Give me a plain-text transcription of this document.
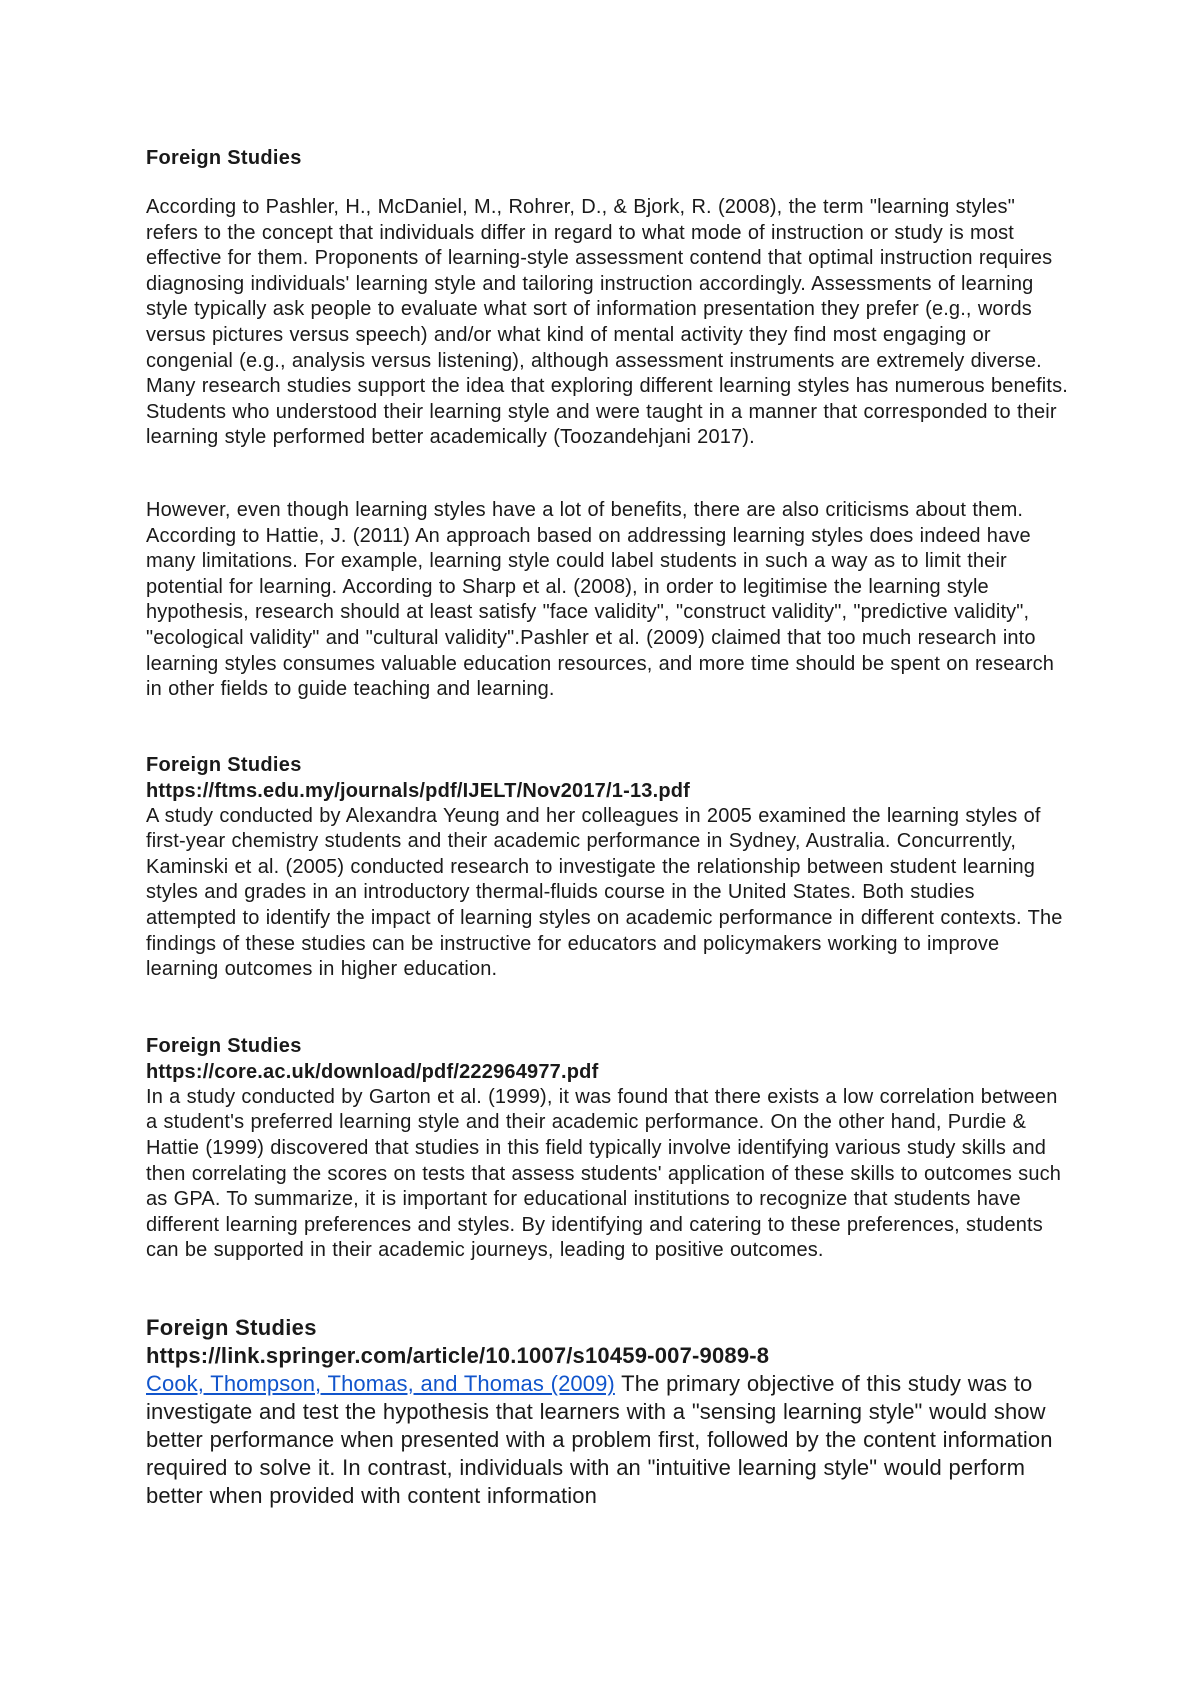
Foreign Studies

According to Pashler, H., McDaniel, M., Rohrer, D., & Bjork, R. (2008), the term "learning styles" refers to the concept that individuals differ in regard to what mode of instruction or study is most effective for them. Proponents of learning-style assessment contend that optimal instruction requires diagnosing individuals' learning style and tailoring instruction accordingly. Assessments of learning style typically ask people to evaluate what sort of information presentation they prefer (e.g., words versus pictures versus speech) and/or what kind of mental activity they find most engaging or congenial (e.g., analysis versus listening), although assessment instruments are extremely diverse. Many research studies support the idea that exploring different learning styles has numerous benefits. Students who understood their learning style and were taught in a manner that corresponded to their learning style performed better academically (Toozandehjani 2017).

However, even though learning styles have a lot of benefits, there are also criticisms about them. According to Hattie, J. (2011) An approach based on addressing learning styles does indeed have many limitations. For example, learning style could label students in such a way as to limit their potential for learning. According to Sharp et al. (2008), in order to legitimise the learning style hypothesis, research should at least satisfy "face validity", "construct validity", "predictive validity", "ecological validity" and "cultural validity".Pashler et al. (2009) claimed that too much research into learning styles consumes valuable education resources, and more time should be spent on research in other fields to guide teaching and learning.

Foreign Studies

https://ftms.edu.my/journals/pdf/IJELT/Nov2017/1-13.pdf

A study conducted by Alexandra Yeung and her colleagues in 2005 examined the learning styles of first-year chemistry students and their academic performance in Sydney, Australia. Concurrently, Kaminski et al. (2005) conducted research to investigate the relationship between student learning styles and grades in an introductory thermal-fluids course in the United States. Both studies attempted to identify the impact of learning styles on academic performance in different contexts. The findings of these studies can be instructive for educators and policymakers working to improve learning outcomes in higher education.

Foreign Studies

https://core.ac.uk/download/pdf/222964977.pdf

In a study conducted by Garton et al. (1999), it was found that there exists a low correlation between a student's preferred learning style and their academic performance. On the other hand, Purdie & Hattie (1999) discovered that studies in this field typically involve identifying various study skills and then correlating the scores on tests that assess students' application of these skills to outcomes such as GPA. To summarize, it is important for educational institutions to recognize that students have different learning preferences and styles. By identifying and catering to these preferences, students can be supported in their academic journeys, leading to positive outcomes.

Foreign Studies

https://link.springer.com/article/10.1007/s10459-007-9089-8

Cook, Thompson, Thomas, and Thomas (2009) The primary objective of this study was to investigate and test the hypothesis that learners with a "sensing learning style" would show better performance when presented with a problem first, followed by the content information required to solve it. In contrast, individuals with an "intuitive learning style" would perform better when provided with content information
